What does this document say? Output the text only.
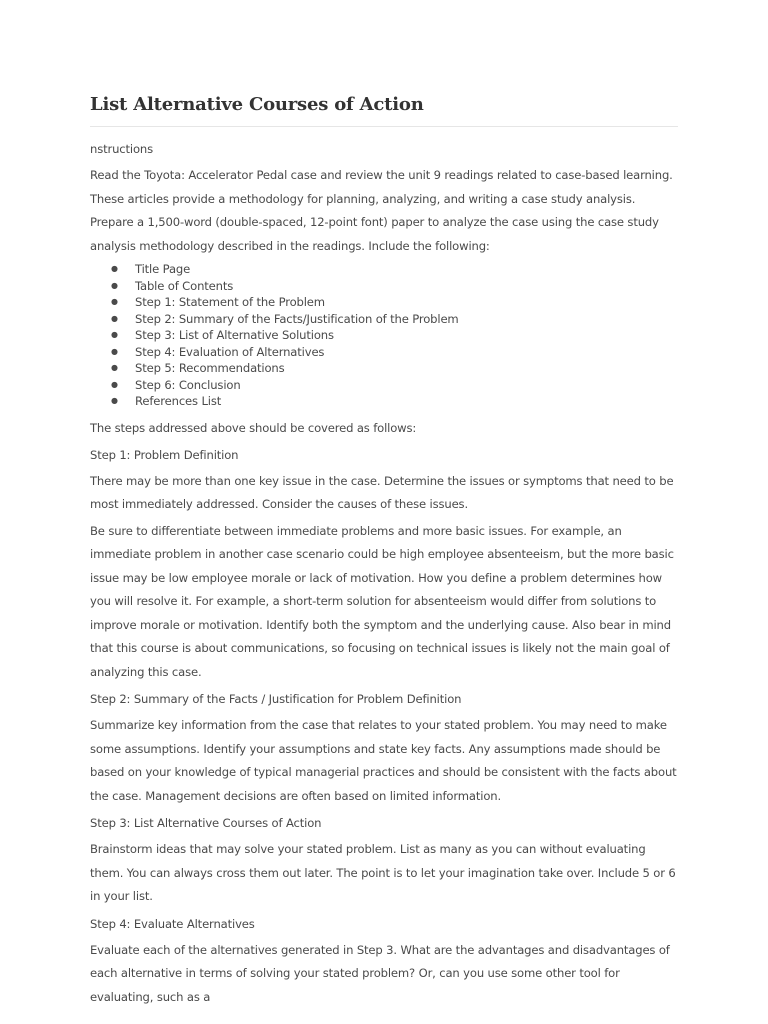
List Alternative Courses of Action

nstructions

Read the Toyota: Accelerator Pedal case and review the unit 9 readings related to case-based learning. These articles provide a methodology for planning, analyzing, and writing a case study analysis. Prepare a 1,500-word (double-spaced, 12-point font) paper to analyze the case using the case study analysis methodology described in the readings. Include the following:

● Title Page
● Table of Contents
● Step 1: Statement of the Problem
● Step 2: Summary of the Facts/Justification of the Problem
● Step 3: List of Alternative Solutions
● Step 4: Evaluation of Alternatives
● Step 5: Recommendations
● Step 6: Conclusion
● References List

The steps addressed above should be covered as follows:

Step 1: Problem Definition

There may be more than one key issue in the case. Determine the issues or symptoms that need to be most immediately addressed. Consider the causes of these issues.

Be sure to differentiate between immediate problems and more basic issues. For example, an immediate problem in another case scenario could be high employee absenteeism, but the more basic issue may be low employee morale or lack of motivation. How you define a problem determines how you will resolve it. For example, a short-term solution for absenteeism would differ from solutions to improve morale or motivation. Identify both the symptom and the underlying cause. Also bear in mind that this course is about communications, so focusing on technical issues is likely not the main goal of analyzing this case.

Step 2: Summary of the Facts / Justification for Problem Definition

Summarize key information from the case that relates to your stated problem. You may need to make some assumptions. Identify your assumptions and state key facts. Any assumptions made should be based on your knowledge of typical managerial practices and should be consistent with the facts about the case. Management decisions are often based on limited information.

Step 3: List Alternative Courses of Action

Brainstorm ideas that may solve your stated problem. List as many as you can without evaluating them. You can always cross them out later. The point is to let your imagination take over. Include 5 or 6 in your list.

Step 4: Evaluate Alternatives

Evaluate each of the alternatives generated in Step 3. What are the advantages and disadvantages of each alternative in terms of solving your stated problem? Or, can you use some other tool for evaluating, such as a
